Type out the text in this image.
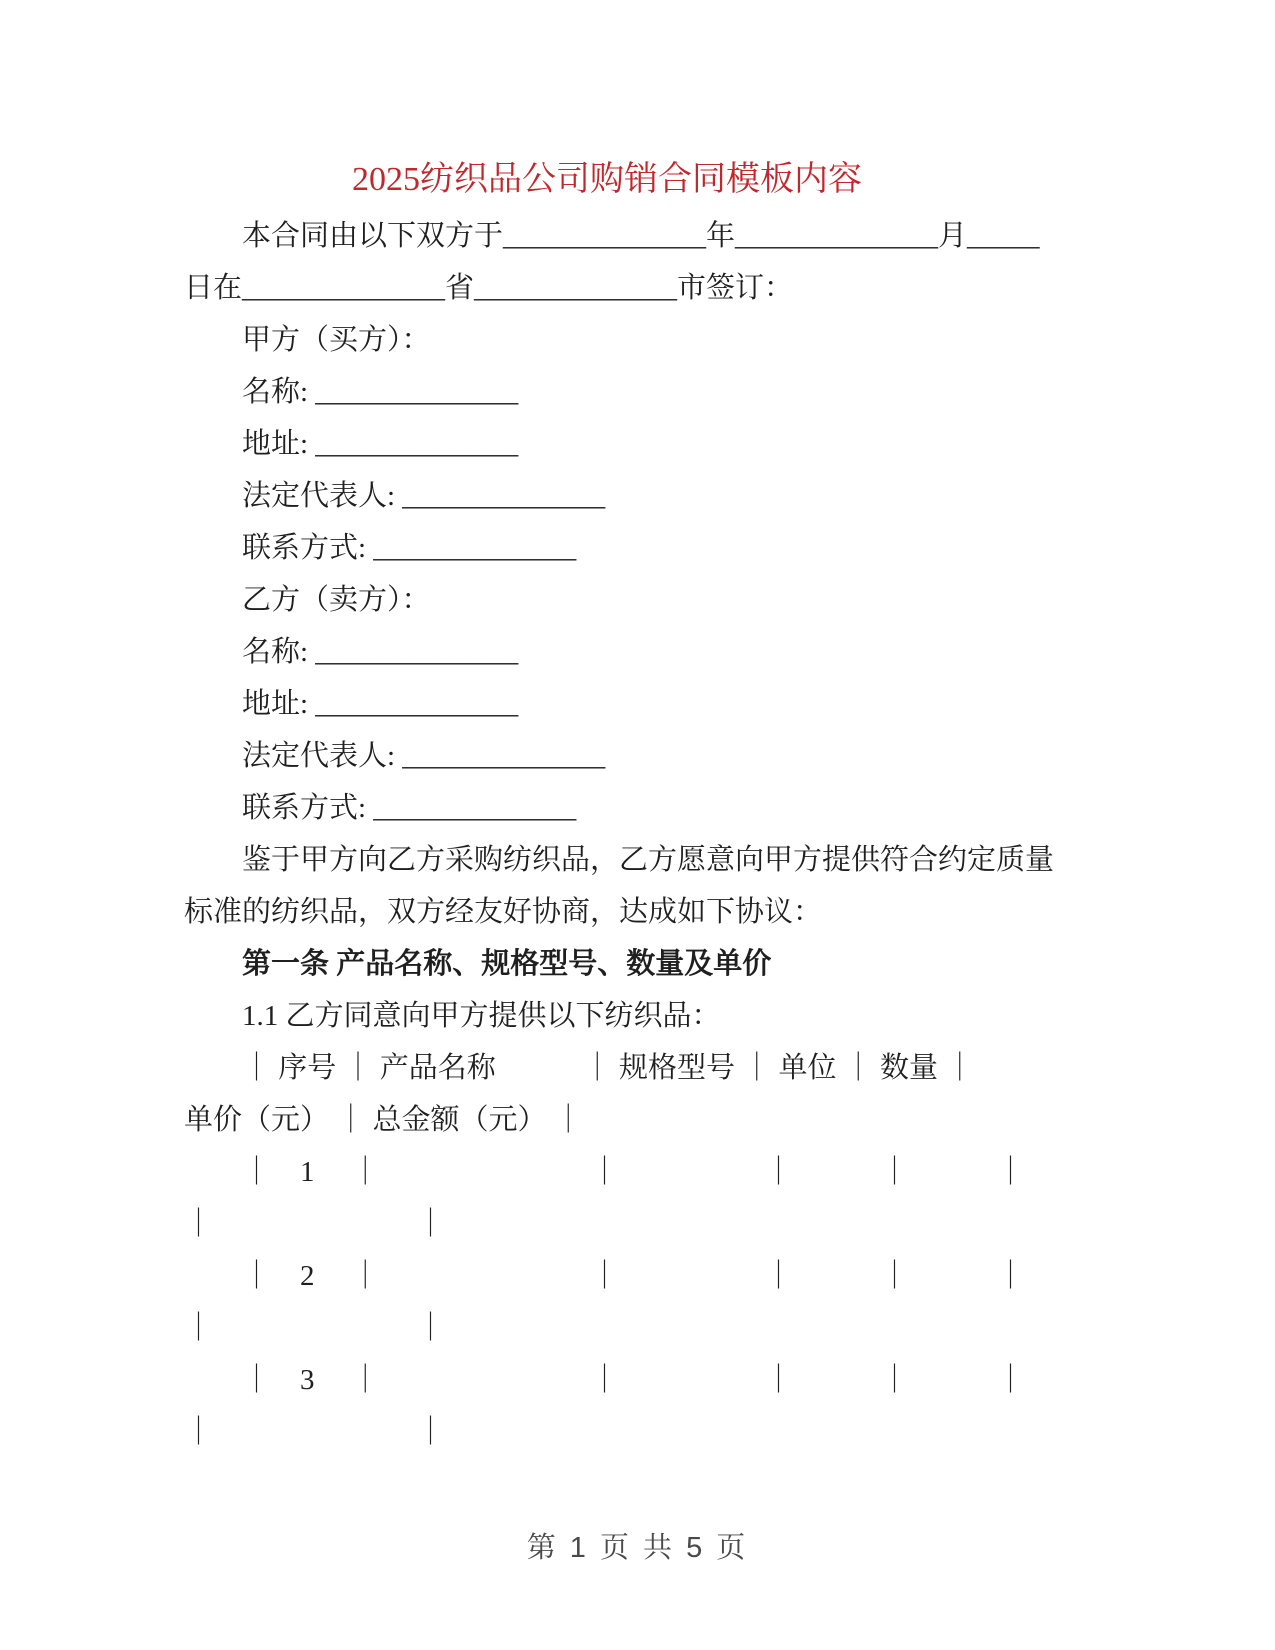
2025纺织品公司购销合同模板内容
本合同由以下双方于______________年______________月_____
日在______________省______________市签订：
甲方（买方）：
名称: ______________
地址: ______________
法定代表人: ______________
联系方式: ______________
乙方（卖方）：
名称: ______________
地址: ______________
法定代表人: ______________
联系方式: ______________
鉴于甲方向乙方采购纺织品，乙方愿意向甲方提供符合约定质量
标准的纺织品，双方经友好协商，达成如下协议：
第一条 产品名称、规格型号、数量及单价
1.1 乙方同意向甲方提供以下纺织品：
｜ 序号 ｜ 产品名称　　　｜ 规格型号 ｜ 单位 ｜ 数量 ｜
单价（元） ｜ 总金额（元） ｜
｜　1　 ｜　　　　　　　 ｜　　　　　｜　　　｜　　　｜
｜　　　　　　　｜
｜　2　 ｜　　　　　　　 ｜　　　　　｜　　　｜　　　｜
｜　　　　　　　｜
｜　3　 ｜　　　　　　　 ｜　　　　　｜　　　｜　　　｜
｜　　　　　　　｜
第 1 页 共 5 页
